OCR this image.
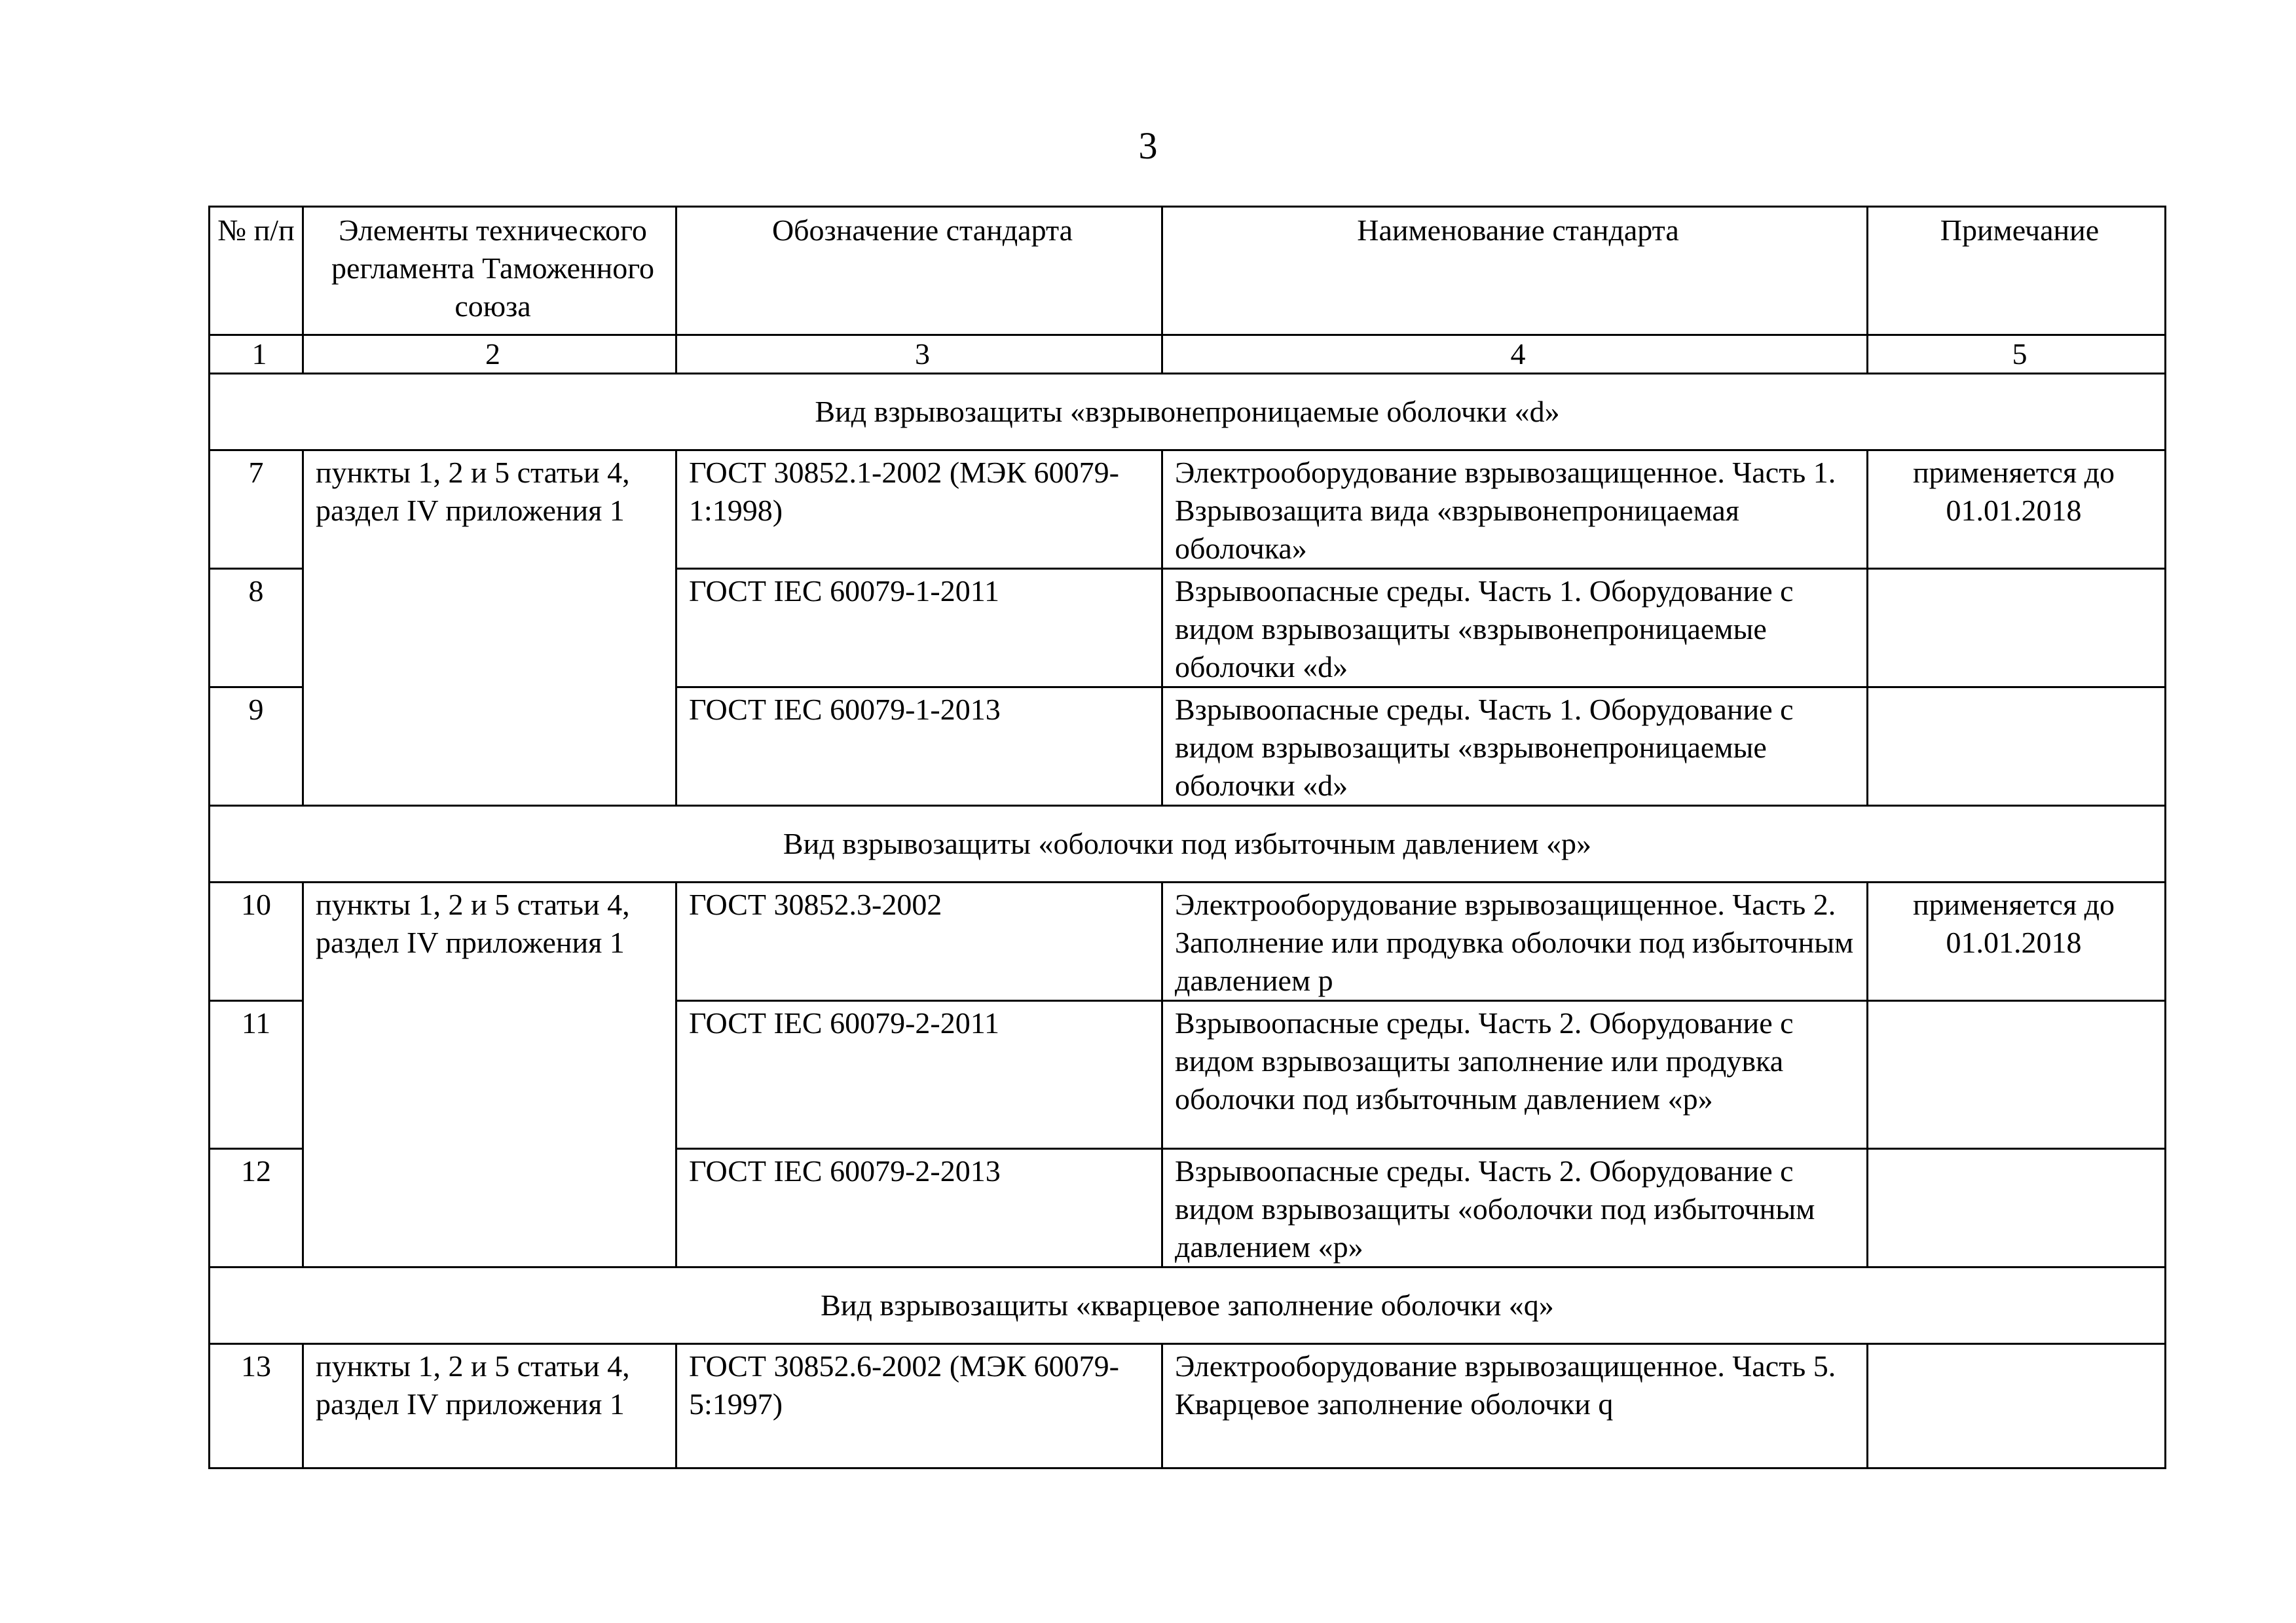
3
№ п/п	Элементы технического регламента Таможенного союза	Обозначение стандарта	Наименование стандарта	Примечание
1	2	3	4	5
Вид взрывозащиты «взрывонепроницаемые оболочки «d»				
7	пункты 1, 2 и 5 статьи 4, раздел IV приложения 1	ГОСТ 30852.1-2002 (МЭК 60079-1:1998)	Электрооборудование взрывозащищенное. Часть 1. Взрывозащита вида «взрывонепроницаемая оболочка»	применяется до 01.01.2018
8		ГОСТ IEC 60079-1-2011	Взрывоопасные среды. Часть 1. Оборудование с видом взрывозащиты «взрывонепроницаемые оболочки «d»	
9		ГОСТ IEC 60079-1-2013	Взрывоопасные среды. Часть 1. Оборудование с видом взрывозащиты «взрывонепроницаемые оболочки «d»	
Вид взрывозащиты «оболочки под избыточным давлением «р»				
10	пункты 1, 2 и 5 статьи 4, раздел IV приложения 1	ГОСТ 30852.3-2002	Электрооборудование взрывозащищенное. Часть 2. Заполнение или продувка оболочки под избыточным давлением р	применяется до 01.01.2018
11		ГОСТ IEC 60079-2-2011	Взрывоопасные среды. Часть 2. Оборудование с видом взрывозащиты заполнение или продувка оболочки под избыточным давлением «р»	
12		ГОСТ IEC 60079-2-2013	Взрывоопасные среды. Часть 2. Оборудование с видом взрывозащиты «оболочки под избыточным давлением «р»	
Вид взрывозащиты «кварцевое заполнение оболочки «q»				
13	пункты 1, 2 и 5 статьи 4, раздел IV приложения 1	ГОСТ 30852.6-2002 (МЭК 60079-5:1997)	Электрооборудование взрывозащищенное. Часть 5. Кварцевое заполнение оболочки q	
